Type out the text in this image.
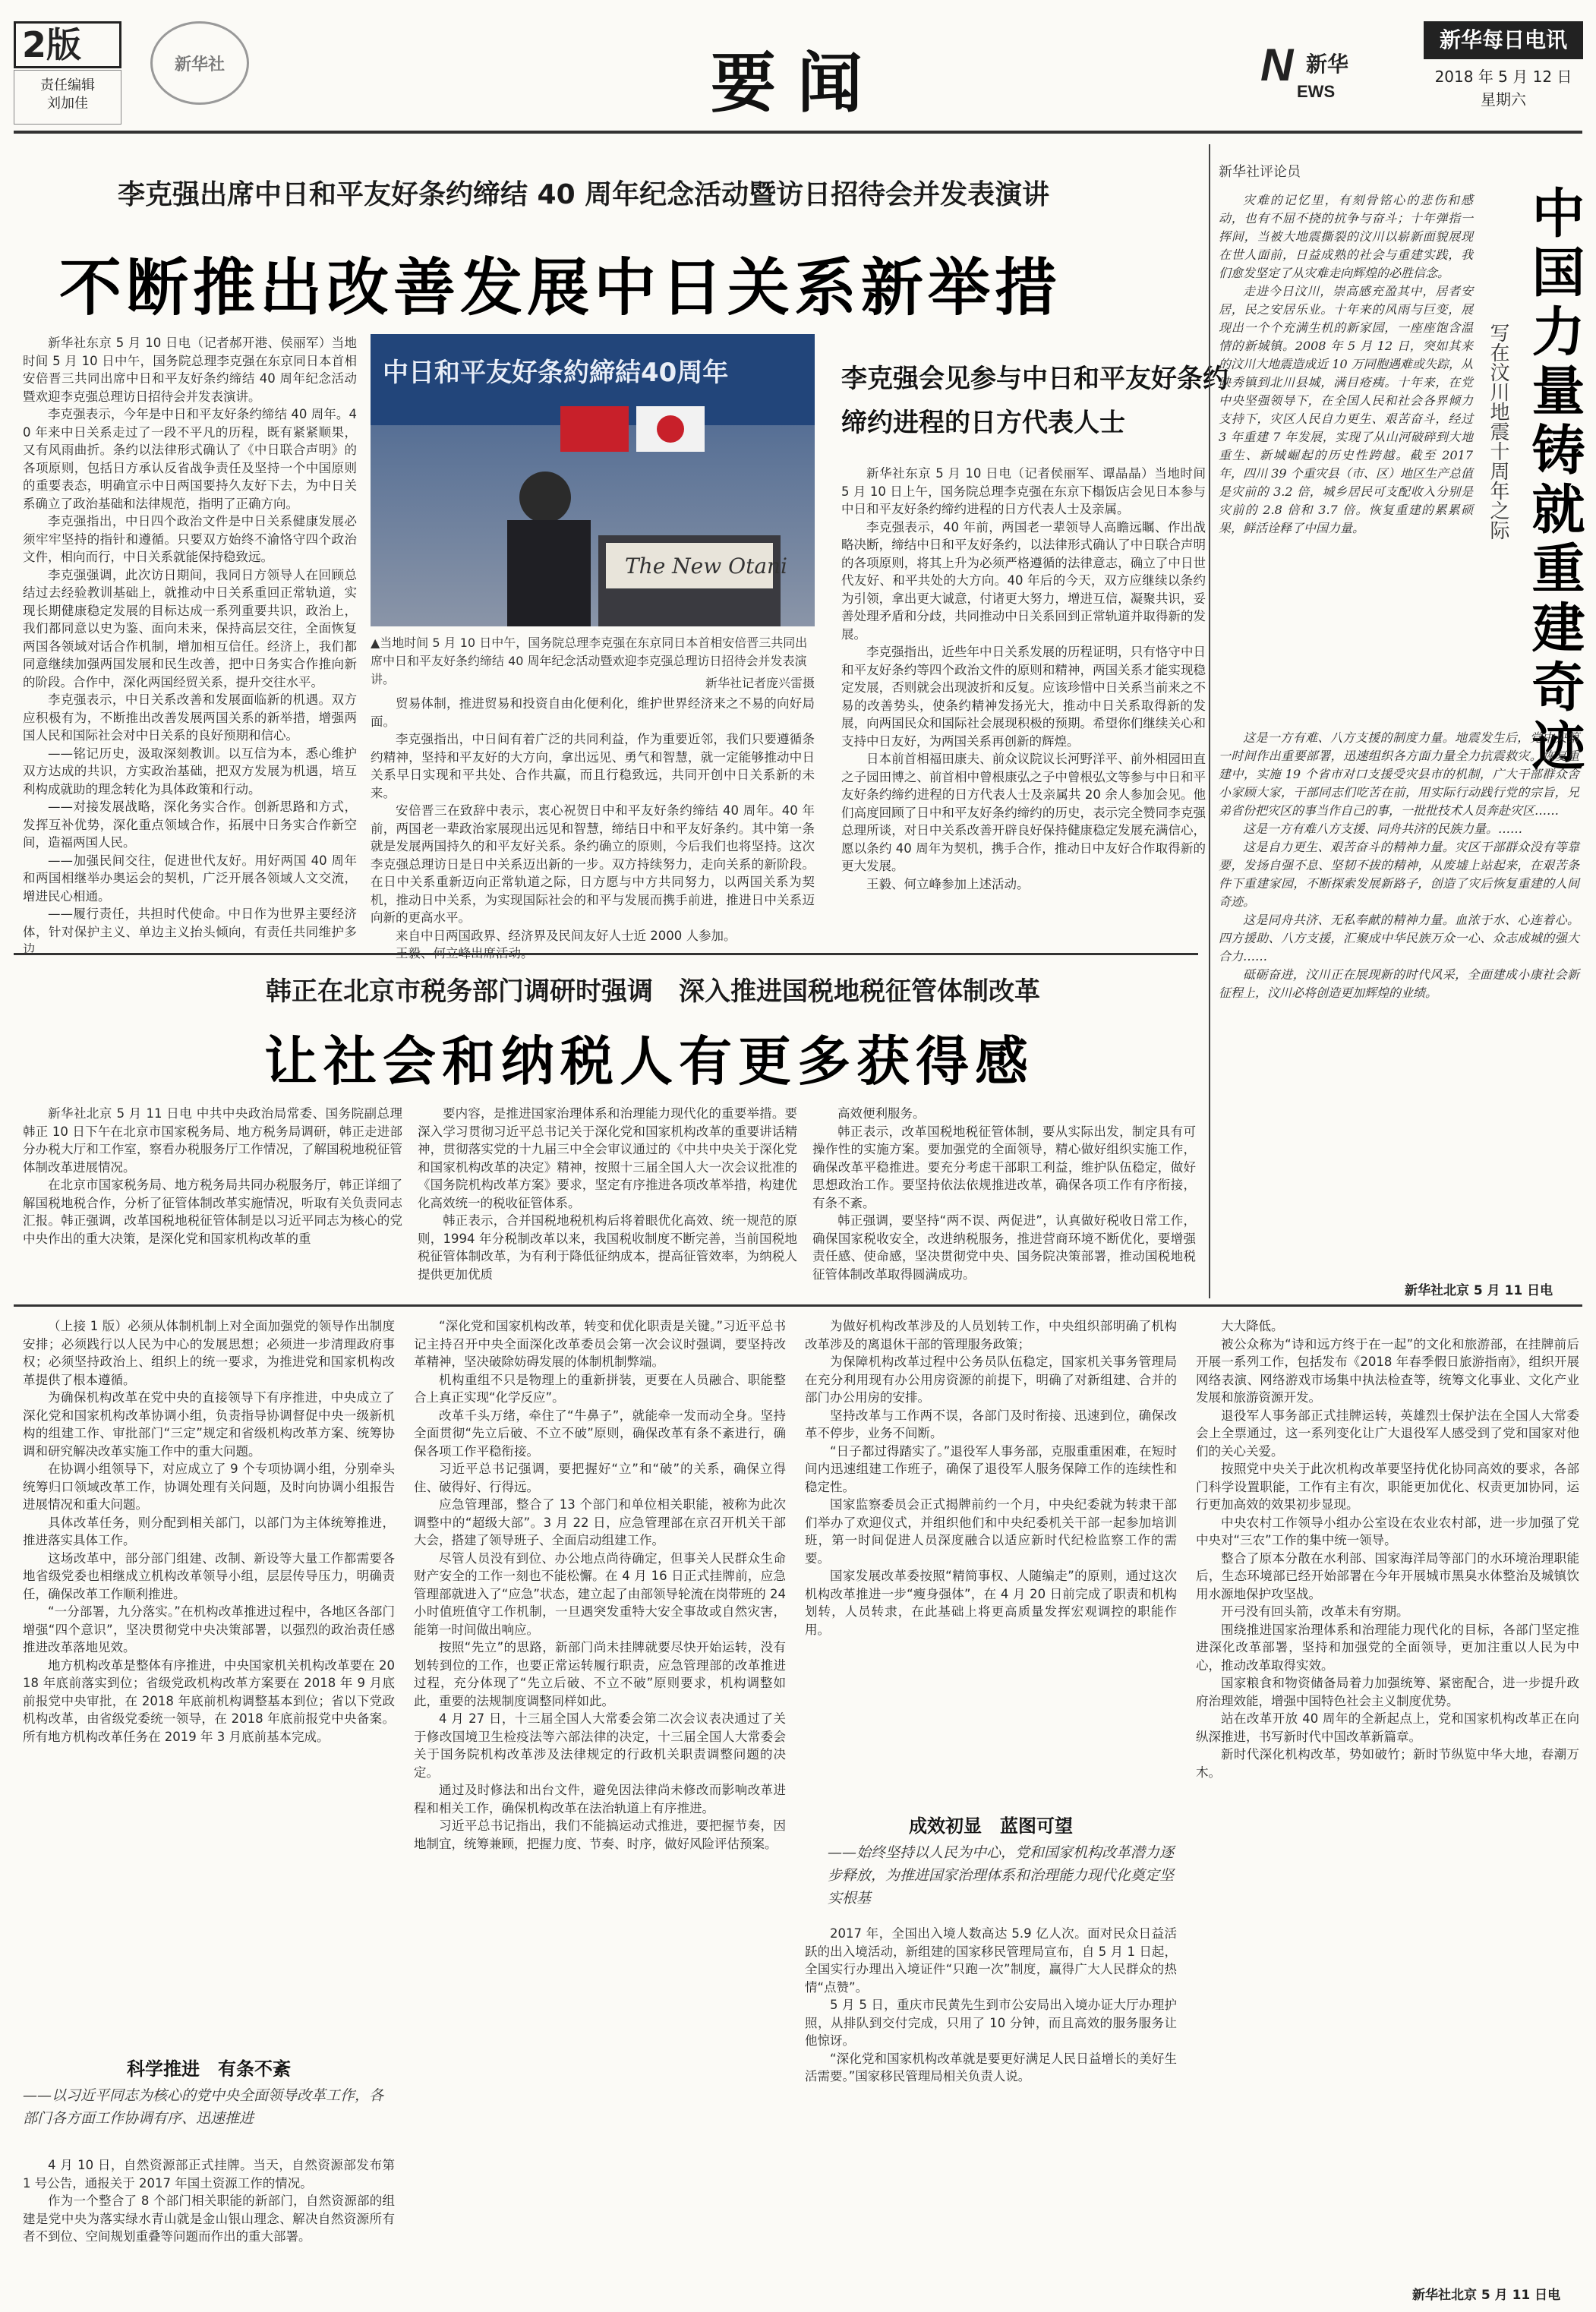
2版
责任编辑
刘加佳
新华社	要闻	N
EWS
新华
新华每日电讯
2018 年 5 月 12 日
星期六
李克强出席中日和平友好条约缔结 40 周年纪念活动暨访日招待会并发表演讲
不断推出改善发展中日关系新举措

新华社东京 5 月 10 日电（记者郝开港、侯丽军）当地时间 5 月 10 日中午，国务院总理李克强在东京同日本首相安倍晋三共同出席中日和平友好条约缔结 40 周年纪念活动暨欢迎李克强总理访日招待会并发表演讲。

李克强表示，今年是中日和平友好条约缔结 40 周年。40 年来中日关系走过了一段不平凡的历程，既有紧紧顺果，又有风雨曲折。条约以法律形式确认了《中日联合声明》的各项原则，包括日方承认反省战争责任及坚持一个中国原则的重要表态，明确宣示中日两国要持久友好下去，为中日关系确立了政治基础和法律规范，指明了正确方向。

李克强指出，中日四个政治文件是中日关系健康发展必须牢牢坚持的指针和遵循。只要双方始终不渝恪守四个政治文件，相向而行，中日关系就能保持稳致远。

李克强强调，此次访日期间，我同日方领导人在回顾总结过去经验教训基础上，就推动中日关系重回正常轨道，实现长期健康稳定发展的目标达成一系列重要共识，政治上，我们都同意以史为鉴、面向未来，保持高层交往，全面恢复两国各领域对话合作机制，增加相互信任。经济上，我们都同意继续加强两国发展和民生改善，把中日务实合作推向新的阶段。合作中，深化两国经贸关系，提升交往水平。

李克强表示，中日关系改善和发展面临新的机遇。双方应积极有为，不断推出改善发展两国关系的新举措，增强两国人民和国际社会对中日关系的良好预期和信心。

——铭记历史，汲取深刻教训。以互信为本，悉心维护双方达成的共识，方实政治基础，把双方发展为机遇，培互利构成就助的理念转化为具体政策和行动。

——对接发展战略，深化务实合作。创新思路和方式，发挥互补优势，深化重点领域合作，拓展中日务实合作新空间，造福两国人民。

——加强民间交往，促进世代友好。用好两国 40 周年和两国相继举办奥运会的契机，广泛开展各领域人文交流，增进民心相通。

——履行责任，共担时代使命。中日作为世界主要经济体，针对保护主义、单边主义抬头倾向，有责任共同维护多边

中日和平友好条約締結40周年
The New Otani
▲当地时间 5 月 10 日中午，国务院总理李克强在东京同日本首相安倍晋三共同出席中日和平友好条约缔结 40 周年纪念活动暨欢迎李克强总理访日招待会并发表演讲。	新华社记者庞兴雷摄

贸易体制，推进贸易和投资自由化便利化，维护世界经济来之不易的向好局面。

李克强指出，中日间有着广泛的共同利益，作为重要近邻，我们只要遵循条约精神，坚持和平友好的大方向，拿出远见、勇气和智慧，就一定能够推动中日关系早日实现和平共处、合作共赢，而且行稳致远，共同开创中日关系新的未来。

安倍晋三在致辞中表示，衷心祝贺日中和平友好条约缔结 40 周年。40 年前，两国老一辈政治家展现出远见和智慧，缔结日中和平友好条约。其中第一条就是发展两国持久的和平友好关系。条约确立的原则，今后我们也将坚持。这次李克强总理访日是日中关系迈出新的一步。双方持续努力，走向关系的新阶段。在日中关系重新迈向正常轨道之际，日方愿与中方共同努力，以两国关系为契机，推动日中关系，为实现国际社会的和平与发展而携手前进，推进日中关系迈向新的更高水平。

来自中日两国政界、经济界及民间友好人士近 2000 人参加。

王毅、何立峰出席活动。

李克强会见参与中日和平友好条约缔约进程的日方代表人士

新华社东京 5 月 10 日电（记者侯丽军、谭晶晶）当地时间 5 月 10 日上午，国务院总理李克强在东京下榻饭店会见日本参与中日和平友好条约缔约进程的日方代表人士及亲属。

李克强表示，40 年前，两国老一辈领导人高瞻远瞩、作出战略决断，缔结中日和平友好条约，以法律形式确认了中日联合声明的各项原则，将其上升为必须严格遵循的法律意志，确立了中日世代友好、和平共处的大方向。40 年后的今天，双方应继续以条约为引领，拿出更大诚意，付诸更大努力，增进互信，凝聚共识，妥善处理矛盾和分歧，共同推动中日关系回到正常轨道并取得新的发展。

李克强指出，近些年中日关系发展的历程证明，只有恪守中日和平友好条约等四个政治文件的原则和精神，两国关系才能实现稳定发展，否则就会出现波折和反复。应该珍惜中日关系当前来之不易的改善势头，使条约精神发扬光大，推动中日关系取得新的发展，向两国民众和国际社会展现积极的预期。希望你们继续关心和支持中日友好，为两国关系再创新的辉煌。

日本前首相福田康夫、前众议院议长河野洋平、前外相园田直之子园田博之、前首相中曾根康弘之子中曾根弘文等参与中日和平友好条约缔约进程的日方代表人士及亲属共 20 余人参加会见。他们高度回顾了日中和平友好条约缔约的历史，表示完全赞同李克强总理所谈，对日中关系改善开辟良好保持健康稳定发展充满信心，愿以条约 40 周年为契机，携手合作，推动日中友好合作取得新的更大发展。

王毅、何立峰参加上述活动。

新华社评论员
中国力量铸就重建奇迹
写在汶川地震十周年之际

灾难的记忆里，有刻骨铭心的悲伤和感动，也有不屈不挠的抗争与奋斗；十年弹指一挥间，当被大地震撕裂的汶川以崭新面貌展现在世人面前，日益成熟的社会与重建实践，我们愈发坚定了从灾难走向辉煌的必胜信念。

走进今日汶川，崇高感充盈其中，居者安居，民之安居乐业。十年来的风雨与巨变，展现出一个个充满生机的新家园，一座座饱含温情的新城镇。2008 年 5 月 12 日，突如其来的汶川大地震造成近 10 万同胞遇难或失踪，从映秀镇到北川县城，满目疮痍。十年来，在党中央坚强领导下，在全国人民和社会各界倾力支持下，灾区人民自力更生、艰苦奋斗，经过 3 年重建 7 年发展，实现了从山河破碎到大地重生、新城崛起的历史性跨越。截至 2017 年，四川 39 个重灾县（市、区）地区生产总值是灾前的 3.2 倍，城乡居民可支配收入分别是灾前的 2.8 倍和 3.7 倍。恢复重建的累累硕果，鲜活诠释了中国力量。

这是一方有难、八方支援的制度力量。地震发生后，党中央第一时间作出重要部署，迅速组织各方面力量全力抗震救灾。恢复重建中，实施 19 个省市对口支援受灾县市的机制，广大干部群众舍小家顾大家，干部同志们吃苦在前，用实际行动践行党的宗旨，兄弟省份把灾区的事当作自己的事，一批批技术人员奔赴灾区……

这是一方有难八方支援、同舟共济的民族力量。……

这是自力更生、艰苦奋斗的精神力量。灾区干部群众没有等靠要，发扬自强不息、坚韧不拔的精神，从废墟上站起来，在艰苦条件下重建家园，不断探索发展新路子，创造了灾后恢复重建的人间奇迹。

这是同舟共济、无私奉献的精神力量。血浓于水、心连着心。四方援助、八方支援，汇聚成中华民族万众一心、众志成城的强大合力……

砥砺奋进，汶川正在展现新的时代风采，全面建成小康社会新征程上，汶川必将创造更加辉煌的业绩。

新华社北京 5 月 11 日电
韩正在北京市税务部门调研时强调　深入推进国税地税征管体制改革
让社会和纳税人有更多获得感

新华社北京 5 月 11 日电 中共中央政治局常委、国务院副总理韩正 10 日下午在北京市国家税务局、地方税务局调研，韩正走进部分办税大厅和工作室，察看办税服务厅工作情况，了解国税地税征管体制改革进展情况。

在北京市国家税务局、地方税务局共同办税服务厅，韩正详细了解国税地税合作，分析了征管体制改革实施情况，听取有关负责同志汇报。韩正强调，改革国税地税征管体制是以习近平同志为核心的党中央作出的重大决策，是深化党和国家机构改革的重

要内容，是推进国家治理体系和治理能力现代化的重要举措。要深入学习贯彻习近平总书记关于深化党和国家机构改革的重要讲话精神，贯彻落实党的十九届三中全会审议通过的《中共中央关于深化党和国家机构改革的决定》精神，按照十三届全国人大一次会议批准的《国务院机构改革方案》要求，坚定有序推进各项改革举措，构建优化高效统一的税收征管体系。

韩正表示，合并国税地税机构后将着眼优化高效、统一规范的原则，1994 年分税制改革以来，我国税收制度不断完善，当前国税地税征管体制改革，为有利于降低征纳成本，提高征管效率，为纳税人提供更加优质

高效便利服务。

韩正表示，改革国税地税征管体制，要从实际出发，制定具有可操作性的实施方案。要加强党的全面领导，精心做好组织实施工作，确保改革平稳推进。要充分考虑干部职工利益，维护队伍稳定，做好思想政治工作。要坚持依法依规推进改革，确保各项工作有序衔接，有条不紊。

韩正强调，要坚持“两不误、两促进”，认真做好税收日常工作，确保国家税收安全，改进纳税服务，推进营商环境不断优化，要增强责任感、使命感，坚决贯彻党中央、国务院决策部署，推动国税地税征管体制改革取得圆满成功。

（上接 1 版）必须从体制机制上对全面加强党的领导作出制度安排；必须践行以人民为中心的发展思想；必须进一步清理政府事权；必须坚持政治上、组织上的统一要求，为推进党和国家机构改革提供了根本遵循。

为确保机构改革在党中央的直接领导下有序推进，中央成立了深化党和国家机构改革协调小组，负责指导协调督促中央一级新机构的组建工作、审批部门“三定”规定和省级机构改革方案、统筹协调和研究解决改革实施工作中的重大问题。

在协调小组领导下，对应成立了 9 个专项协调小组，分别牵头统筹归口领域改革工作，协调处理有关问题，及时向协调小组报告进展情况和重大问题。

具体改革任务，则分配到相关部门，以部门为主体统筹推进，推进落实具体工作。

这场改革中，部分部门组建、改制、新设等大量工作都需要各地省级党委也相继成立机构改革领导小组，层层传导压力，明确责任，确保改革工作顺利推进。

“一分部署，九分落实。”在机构改革推进过程中，各地区各部门增强“四个意识”，坚决贯彻党中央决策部署，以强烈的政治责任感推进改革落地见效。

地方机构改革是整体有序推进，中央国家机关机构改革要在 2018 年底前落实到位；省级党政机构改革方案要在 2018 年 9 月底前报党中央审批，在 2018 年底前机构调整基本到位；省以下党政机构改革，由省级党委统一领导，在 2018 年底前报党中央备案。所有地方机构改革任务在 2019 年 3 月底前基本完成。

科学推进　有条不紊
——以习近平同志为核心的党中央全面领导改革工作，各部门各方面工作协调有序、迅速推进

4 月 10 日，自然资源部正式挂牌。当天，自然资源部发布第 1 号公告，通报关于 2017 年国土资源工作的情况。

作为一个整合了 8 个部门相关职能的新部门，自然资源部的组建是党中央为落实绿水青山就是金山银山理念、解决自然资源所有者不到位、空间规划重叠等问题而作出的重大部署。

“深化党和国家机构改革，转变和优化职责是关键。”习近平总书记主持召开中央全面深化改革委员会第一次会议时强调，要坚持改革精神，坚决破除妨碍发展的体制机制弊端。

机构重组不只是物理上的重新拼装，更要在人员融合、职能整合上真正实现“化学反应”。

改革千头万绪，牵住了“牛鼻子”，就能牵一发而动全身。坚持全面贯彻“先立后破、不立不破”原则，确保改革有条不紊进行，确保各项工作平稳衔接。

习近平总书记强调，要把握好“立”和“破”的关系，确保立得住、破得好、行得远。

应急管理部，整合了 13 个部门和单位相关职能，被称为此次调整中的“超级大部”。3 月 22 日，应急管理部在京召开机关干部大会，搭建了领导班子、全面启动组建工作。

尽管人员没有到位、办公地点尚待确定，但事关人民群众生命财产安全的工作一刻也不能松懈。在 4 月 16 日正式挂牌前，应急管理部就进入了“应急”状态，建立起了由部领导轮流在岗带班的 24 小时值班值守工作机制，一旦遇突发重特大安全事故或自然灾害，能第一时间做出响应。

按照“先立”的思路，新部门尚未挂牌就要尽快开始运转，没有划转到位的工作，也要正常运转履行职责，应急管理部的改革推进过程，充分体现了“先立后破、不立不破”原则要求，机构调整如此，重要的法规制度调整同样如此。

4 月 27 日，十三届全国人大常委会第二次会议表决通过了关于修改国境卫生检疫法等六部法律的决定，十三届全国人大常委会关于国务院机构改革涉及法律规定的行政机关职责调整问题的决定。

通过及时修法和出台文件，避免因法律尚未修改而影响改革进程和相关工作，确保机构改革在法治轨道上有序推进。

习近平总书记指出，我们不能搞运动式推进，要把握节奏，因地制宜，统筹兼顾，把握力度、节奏、时序，做好风险评估预案。

为做好机构改革涉及的人员划转工作，中央组织部明确了机构改革涉及的离退休干部的管理服务政策；

为保障机构改革过程中公务员队伍稳定，国家机关事务管理局在充分利用现有办公用房资源的前提下，明确了对新组建、合并的部门办公用房的安排。

坚持改革与工作两不误，各部门及时衔接、迅速到位，确保改革不停步，业务不间断。

“日子都过得踏实了。”退役军人事务部，克服重重困难，在短时间内迅速组建工作班子，确保了退役军人服务保障工作的连续性和稳定性。

国家监察委员会正式揭牌前约一个月，中央纪委就为转隶干部们举办了欢迎仪式，并组织他们和中央纪委机关干部一起参加培训班，第一时间促进人员深度融合以适应新时代纪检监察工作的需要。

国家发展改革委按照“精简事权、人随编走”的原则，通过这次机构改革推进一步“瘦身强体”，在 4 月 20 日前完成了职责和机构划转，人员转隶，在此基础上将更高质量发挥宏观调控的职能作用。

成效初显　蓝图可望
——始终坚持以人民为中心，党和国家机构改革潜力逐步释放，为推进国家治理体系和治理能力现代化奠定坚实根基

2017 年，全国出入境人数高达 5.9 亿人次。面对民众日益活跃的出入境活动，新组建的国家移民管理局宣布，自 5 月 1 日起，全国实行办理出入境证件“只跑一次”制度，赢得广大人民群众的热情“点赞”。

5 月 5 日，重庆市民黄先生到市公安局出入境办证大厅办理护照，从排队到交付完成，只用了 10 分钟，而且高效的服务服务让他惊讶。

“深化党和国家机构改革就是要更好满足人民日益增长的美好生活需要。”国家移民管理局相关负责人说。

大大降低。

被公众称为“诗和远方终于在一起”的文化和旅游部，在挂牌前后开展一系列工作，包括发布《2018 年春季假日旅游指南》，组织开展网络表演、网络游戏市场集中执法检查等，统筹文化事业、文化产业发展和旅游资源开发。

退役军人事务部正式挂牌运转，英雄烈士保护法在全国人大常委会上全票通过，这一系列变化让广大退役军人感受到了党和国家对他们的关心关爱。

按照党中央关于此次机构改革要坚持优化协同高效的要求，各部门科学设置职能，工作有主有次，职能更加优化、权责更加协同，运行更加高效的效果初步显现。

中央农村工作领导小组办公室设在农业农村部，进一步加强了党中央对“三农”工作的集中统一领导。

整合了原本分散在水利部、国家海洋局等部门的水环境治理职能后，生态环境部已经开始部署在今年开展城市黑臭水体整治及城镇饮用水源地保护攻坚战。

开弓没有回头箭，改革未有穷期。

围绕推进国家治理体系和治理能力现代化的目标，各部门坚定推进深化改革部署，坚持和加强党的全面领导，更加注重以人民为中心，推动改革取得实效。

国家粮食和物资储备局着力加强统筹、紧密配合，进一步提升政府治理效能，增强中国特色社会主义制度优势。

站在改革开放 40 周年的全新起点上，党和国家机构改革正在向纵深推进，书写新时代中国改革新篇章。

新时代深化机构改革，势如破竹；新时节纵览中华大地，春潮万木。

新华社北京 5 月 11 日电
